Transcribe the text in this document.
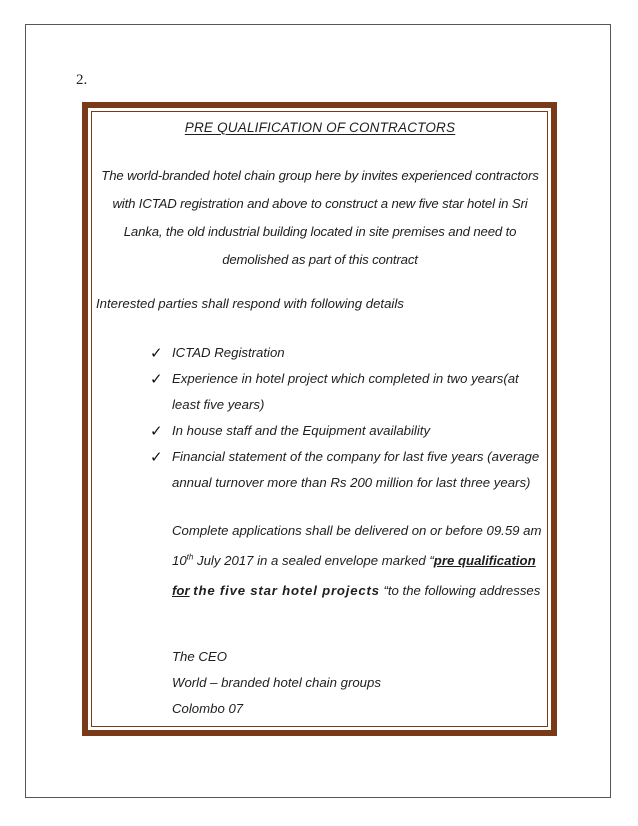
2.
PRE QUALIFICATION OF CONTRACTORS
The world-branded hotel chain group here by invites experienced contractors with ICTAD registration and above to construct a new five star hotel in Sri Lanka, the old industrial building located in site premises and need to demolished as part of this contract
Interested parties shall respond with following details
✓ ICTAD Registration
✓ Experience in hotel project which completed in two years(at least five years)
✓ In house staff and the Equipment availability
✓ Financial statement of the company for last five years (average annual turnover more than Rs 200 million for last three years)
Complete applications shall be delivered on or before 09.59 am 10th July 2017 in a sealed envelope marked “pre qualification for the five star hotel projects “to the following addresses
The CEO
World – branded hotel chain groups
Colombo 07
